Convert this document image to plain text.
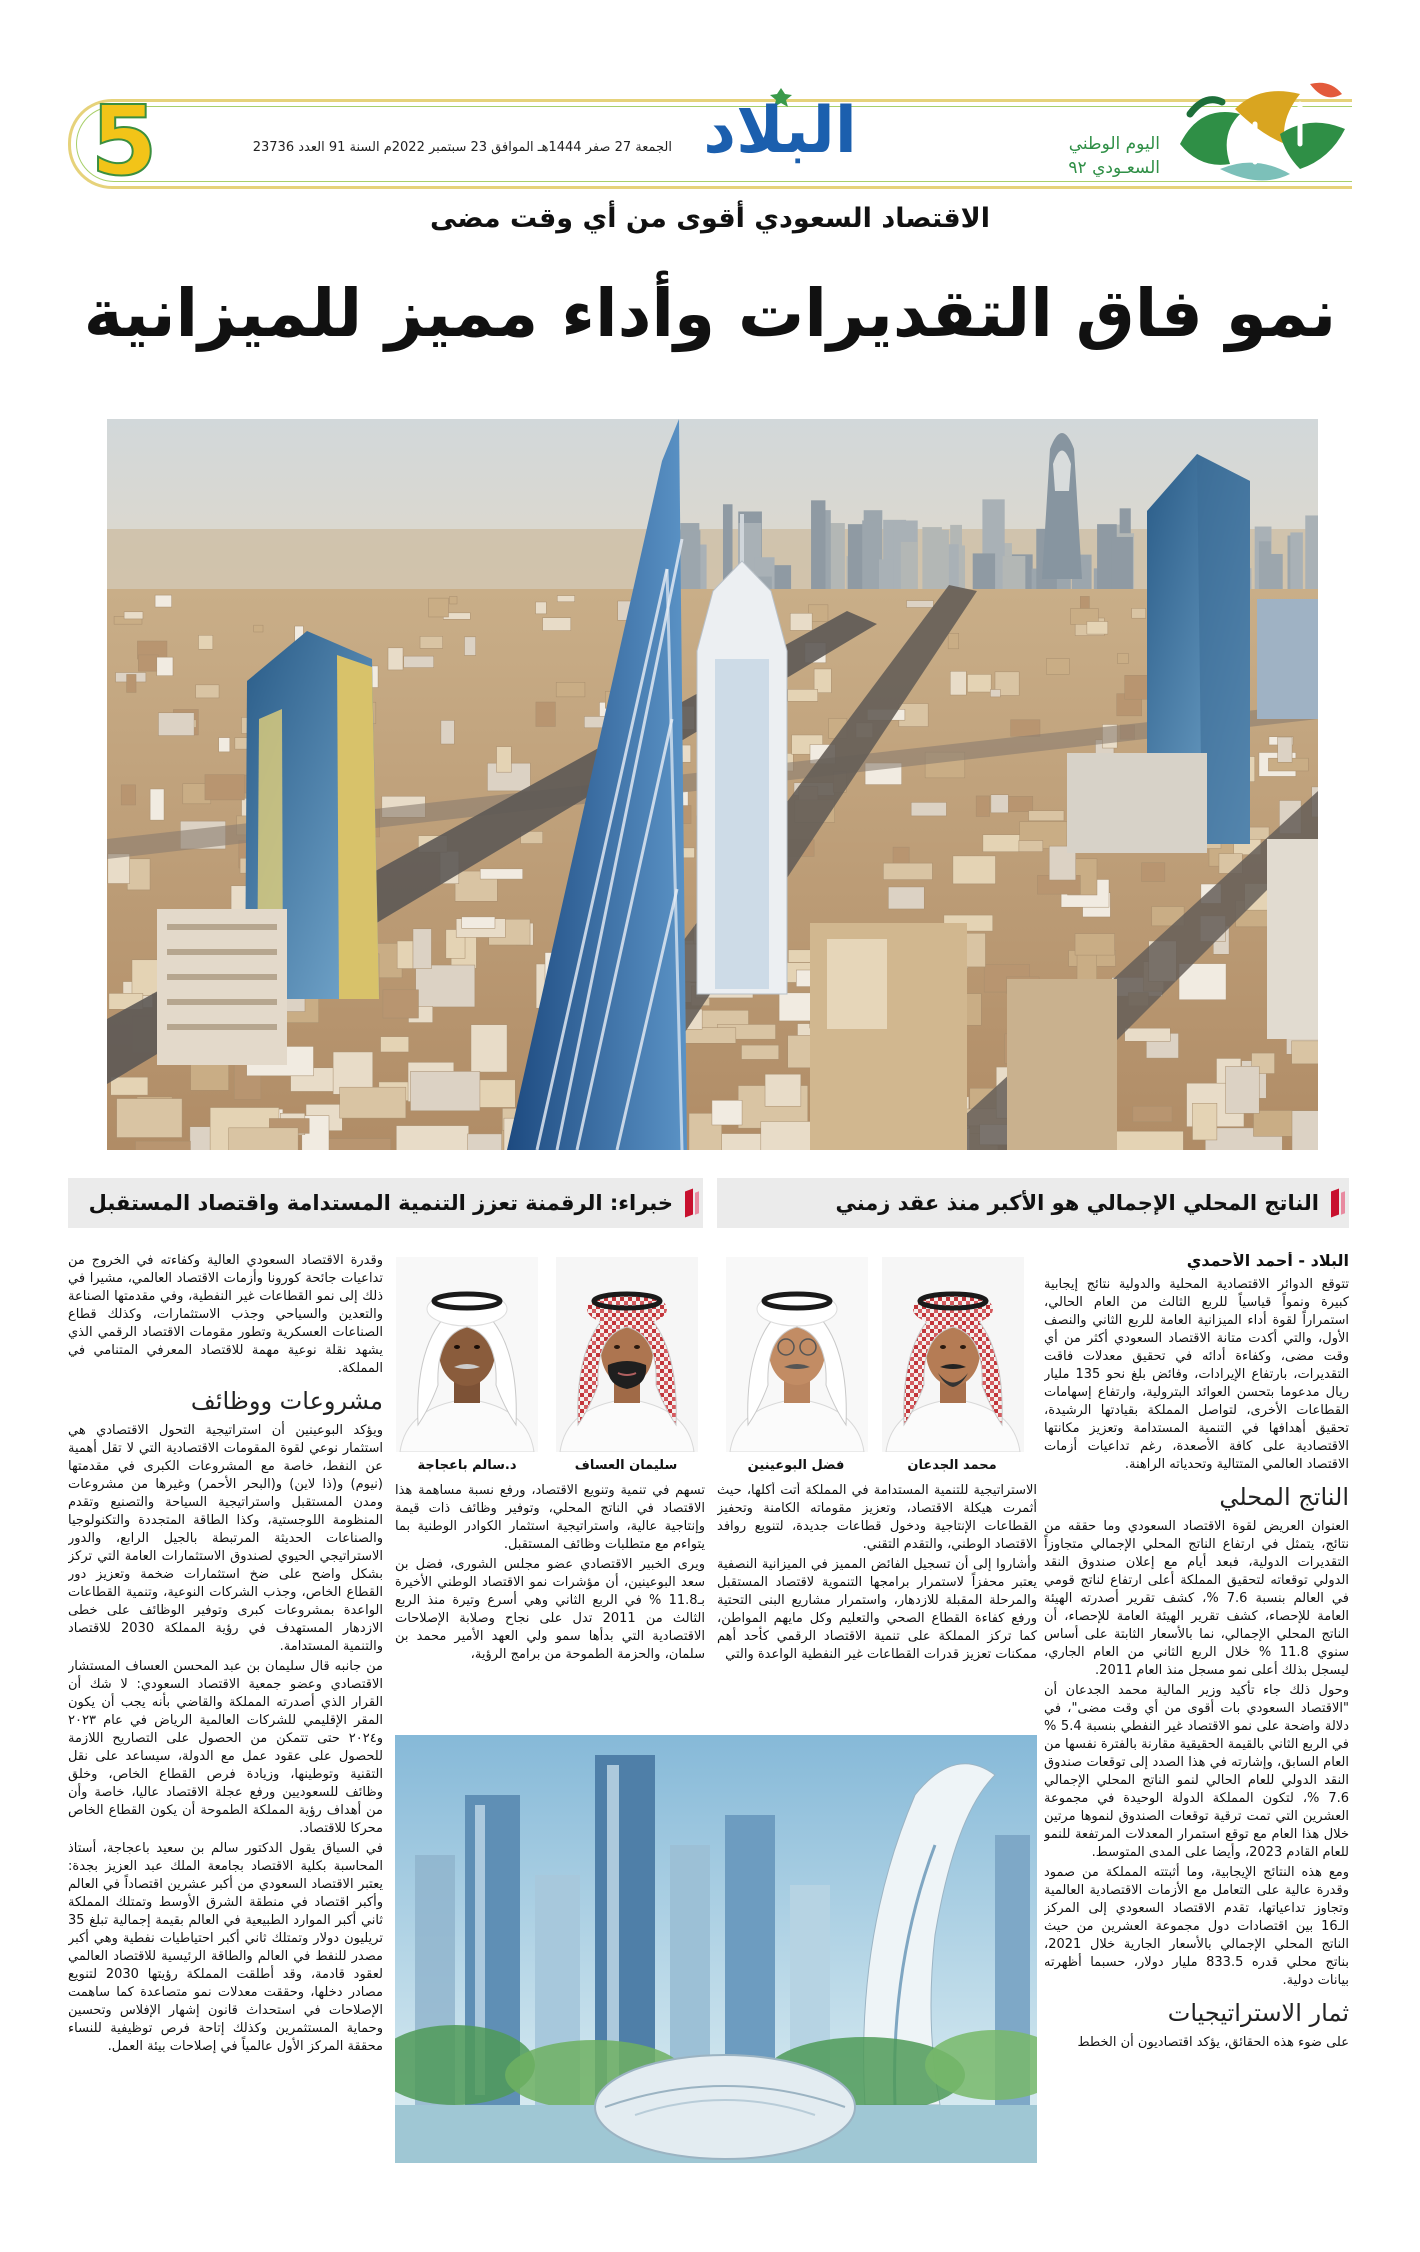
5	البلاد
الجمعة 27 صفر 1444هـ الموافق 23 سبتمبر 2022م السنة 91 العدد 23736	اليوم الوطني
السعـودي ٩٢
الاقتصاد السعودي أقوى من أي وقت مضى
نمو فاق التقديرات وأداء مميز للميزانية
الناتج المحلي الإجمالي هو الأكبر منذ عقد زمني
خبراء: الرقمنة تعزز التنمية المستدامة واقتصاد المستقبل
البلاد - أحمد الأحمدي

تتوقع الدوائر الاقتصادية المحلية والدولية نتائج إيجابية كبيرة ونمواً قياسياً للربع الثالث من العام الحالي، استمراراً لقوة أداء الميزانية العامة للربع الثاني والنصف الأول، والتي أكدت متانة الاقتصاد السعودي أكثر من أي وقت مضى، وكفاءة أدائه في تحقيق معدلات فاقت التقديرات، بارتفاع الإيرادات، وفائض بلغ نحو 135 مليار ريال مدعوما بتحسن العوائد البترولية، وارتفاع إسهامات القطاعات الأخرى، لتواصل المملكة بقيادتها الرشيدة، تحقيق أهدافها في التنمية المستدامة وتعزيز مكانتها الاقتصادية على كافة الأصعدة، رغم تداعيات أزمات الاقتصاد العالمي المتتالية وتحدياته الراهنة.

الناتج المحلي

العنوان العريض لقوة الاقتصاد السعودي وما حققه من نتائج، يتمثل في ارتفاع الناتج المحلي الإجمالي متجاوزاً التقديرات الدولية، فبعد أيام مع إعلان صندوق النقد الدولي توقعاته لتحقيق المملكة أعلى ارتفاع لناتج قومي في العالم بنسبة 7.6 %، كشف تقرير أصدرته الهيئة العامة للإحصاء، كشف تقرير الهيئة العامة للإحصاء، أن الناتج المحلي الإجمالي، نما بالأسعار الثابتة على أساس سنوي 11.8 % خلال الربع الثاني من العام الجاري، ليسجل بذلك أعلى نمو مسجل منذ العام 2011.

وحول ذلك جاء تأكيد وزير المالية محمد الجدعان أن "الاقتصاد السعودي بات أقوى من أي وقت مضى"، في دلالة واضحة على نمو الاقتصاد غير النفطي بنسبة 5.4 % في الربع الثاني بالقيمة الحقيقية مقارنة بالفترة نفسها من العام السابق، وإشارته في هذا الصدد إلى توقعات صندوق النقد الدولي للعام الحالي لنمو الناتج المحلي الإجمالي 7.6 %، لتكون المملكة الدولة الوحيدة في مجموعة العشرين التي تمت ترقية توقعات الصندوق لنموها مرتين خلال هذا العام مع توقع استمرار المعدلات المرتفعة للنمو للعام القادم 2023، وأيضا على المدى المتوسط.

ومع هذه النتائج الإيجابية، وما أثبتته المملكة من صمود وقدرة عالية على التعامل مع الأزمات الاقتصادية العالمية وتجاوز تداعياتها، تقدم الاقتصاد السعودي إلى المركز الـ16 بين اقتصادات دول مجموعة العشرين من حيث الناتج المحلي الإجمالي بالأسعار الجارية خلال 2021، بناتج محلي قدره 833.5 مليار دولار، حسبما أظهرته بيانات دولية.

ثمار الاستراتيجيات

على ضوء هذه الحقائق، يؤكد اقتصاديون أن الخطط

محمد الجدعان
فضل البوعينين
سليمان العساف
د.سالم باعجاجة

الاستراتيجية للتنمية المستدامة في المملكة أتت أكلها، حيث أثمرت هيكلة الاقتصاد، وتعزيز مقوماته الكامنة وتحفيز القطاعات الإنتاجية ودخول قطاعات جديدة، لتنويع روافد الاقتصاد الوطني، والتقدم التقني.

وأشاروا إلى أن تسجيل الفائض المميز في الميزانية النصفية يعتبر محفزاً لاستمرار برامجها التنموية لاقتصاد المستقبل والمرحلة المقبلة للازدهار، واستمرار مشاريع البنى التحتية ورفع كفاءة القطاع الصحي والتعليم وكل مايهم المواطن، كما تركز المملكة على تنمية الاقتصاد الرقمي كأحد أهم ممكنات تعزيز قدرات القطاعات غير النفطية الواعدة والتي

تسهم في تنمية وتنويع الاقتصاد، ورفع نسبة مساهمة هذا الاقتصاد في الناتج المحلي، وتوفير وظائف ذات قيمة وإنتاجية عالية، واستراتيجية استثمار الكوادر الوطنية بما يتواءم مع متطلبات وظائف المستقبل.

ويرى الخبير الاقتصادي عضو مجلس الشورى، فضل بن سعد البوعينين، أن مؤشرات نمو الاقتصاد الوطني الأخيرة بـ11.8 % في الربع الثاني وهي أسرع وتيرة منذ الربع الثالث من 2011 تدل على نجاح وصلابة الإصلاحات الاقتصادية التي بدأها سمو ولي العهد الأمير محمد بن سلمان، والحزمة الطموحة من برامج الرؤية،

وقدرة الاقتصاد السعودي العالية وكفاءته في الخروج من تداعيات جائحة كورونا وأزمات الاقتصاد العالمي، مشيرا في ذلك إلى نمو القطاعات غير النفطية، وفي مقدمتها الصناعة والتعدين والسياحي وجذب الاستثمارات، وكذلك قطاع الصناعات العسكرية وتطور مقومات الاقتصاد الرقمي الذي يشهد نقلة نوعية مهمة للاقتصاد المعرفي المتنامي في المملكة.

مشروعات ووظائف

ويؤكد البوعينين أن استراتيجية التحول الاقتصادي هي استثمار نوعي لقوة المقومات الاقتصادية التي لا تقل أهمية عن النفط، خاصة مع المشروعات الكبرى في مقدمتها (نيوم) و(ذا لاين) و(البحر الأحمر) وغيرها من مشروعات ومدن المستقبل واستراتيجية السياحة والتصنيع وتقدم المنظومة اللوجستية، وكذا الطاقة المتجددة والتكنولوجيا والصناعات الحديثة المرتبطة بالجيل الرابع، والدور الاستراتيجي الحيوي لصندوق الاستثمارات العامة التي تركز بشكل واضح على ضخ استثمارات ضخمة وتعزيز دور القطاع الخاص، وجذب الشركات النوعية، وتنمية القطاعات الواعدة بمشروعات كبرى وتوفير الوظائف على خطى الازدهار المستهدف في رؤية المملكة 2030 للاقتصاد والتنمية المستدامة.

من جانبه قال سليمان بن عبد المحسن العساف المستشار الاقتصادي وعضو جمعية الاقتصاد السعودي: لا شك أن القرار الذي أصدرته المملكة والقاضي بأنه يجب أن يكون المقر الإقليمي للشركات العالمية الرياض في عام ٢٠٢٣ و٢٠٢٤ حتى تتمكن من الحصول على التصاريح اللازمة للحصول على عقود عمل مع الدولة، سيساعد على نقل التقنية وتوطينها، وزيادة فرص القطاع الخاص، وخلق وظائف للسعوديين ورفع عجلة الاقتصاد عاليا، خاصة وأن من أهداف رؤية المملكة الطموحة أن يكون القطاع الخاص محركا للاقتصاد.

في السياق يقول الدكتور سالم بن سعيد باعجاجة، أستاذ المحاسبة بكلية الاقتصاد بجامعة الملك عبد العزيز بجدة: يعتبر الاقتصاد السعودي من أكبر عشرين اقتصاداً في العالم وأكبر اقتصاد في منطقة الشرق الأوسط وتمتلك المملكة ثاني أكبر الموارد الطبيعية في العالم بقيمة إجمالية تبلغ 35 تريليون دولار وتمتلك ثاني أكبر احتياطيات نفطية وهي أكبر مصدر للنفط في العالم والطاقة الرئيسية للاقتصاد العالمي لعقود قادمة، وقد أطلقت المملكة رؤيتها 2030 لتنويع مصادر دخلها، وحققت معدلات نمو متصاعدة كما ساهمت الإصلاحات في استحداث قانون إشهار الإفلاس وتحسين وحماية المستثمرين وكذلك إتاحة فرص توظيفية للنساء محققة المركز الأول عالمياً في إصلاحات بيئة العمل.
